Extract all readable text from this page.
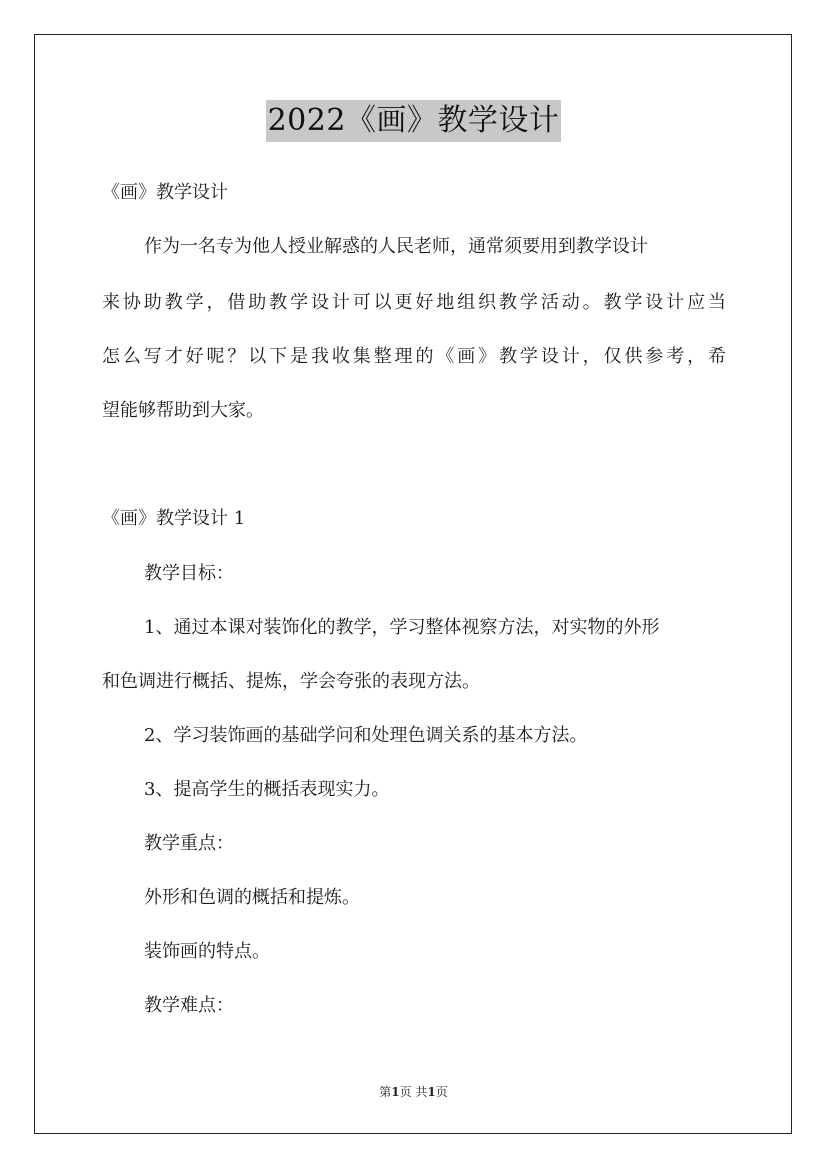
2022《画》教学设计
《画》教学设计
作为一名专为他人授业解惑的人民老师，通常须要用到教学设计
来协助教学，借助教学设计可以更好地组织教学活动。教学设计应当
怎么写才好呢？以下是我收集整理的《画》教学设计，仅供参考，希
望能够帮助到大家。
《画》教学设计 1
教学目标：
1、通过本课对装饰化的教学，学习整体视察方法，对实物的外形
和色调进行概括、提炼，学会夸张的表现方法。
2、学习装饰画的基础学问和处理色调关系的基本方法。
3、提高学生的概括表现实力。
教学重点：
外形和色调的概括和提炼。
装饰画的特点。
教学难点：
第1页 共1页
